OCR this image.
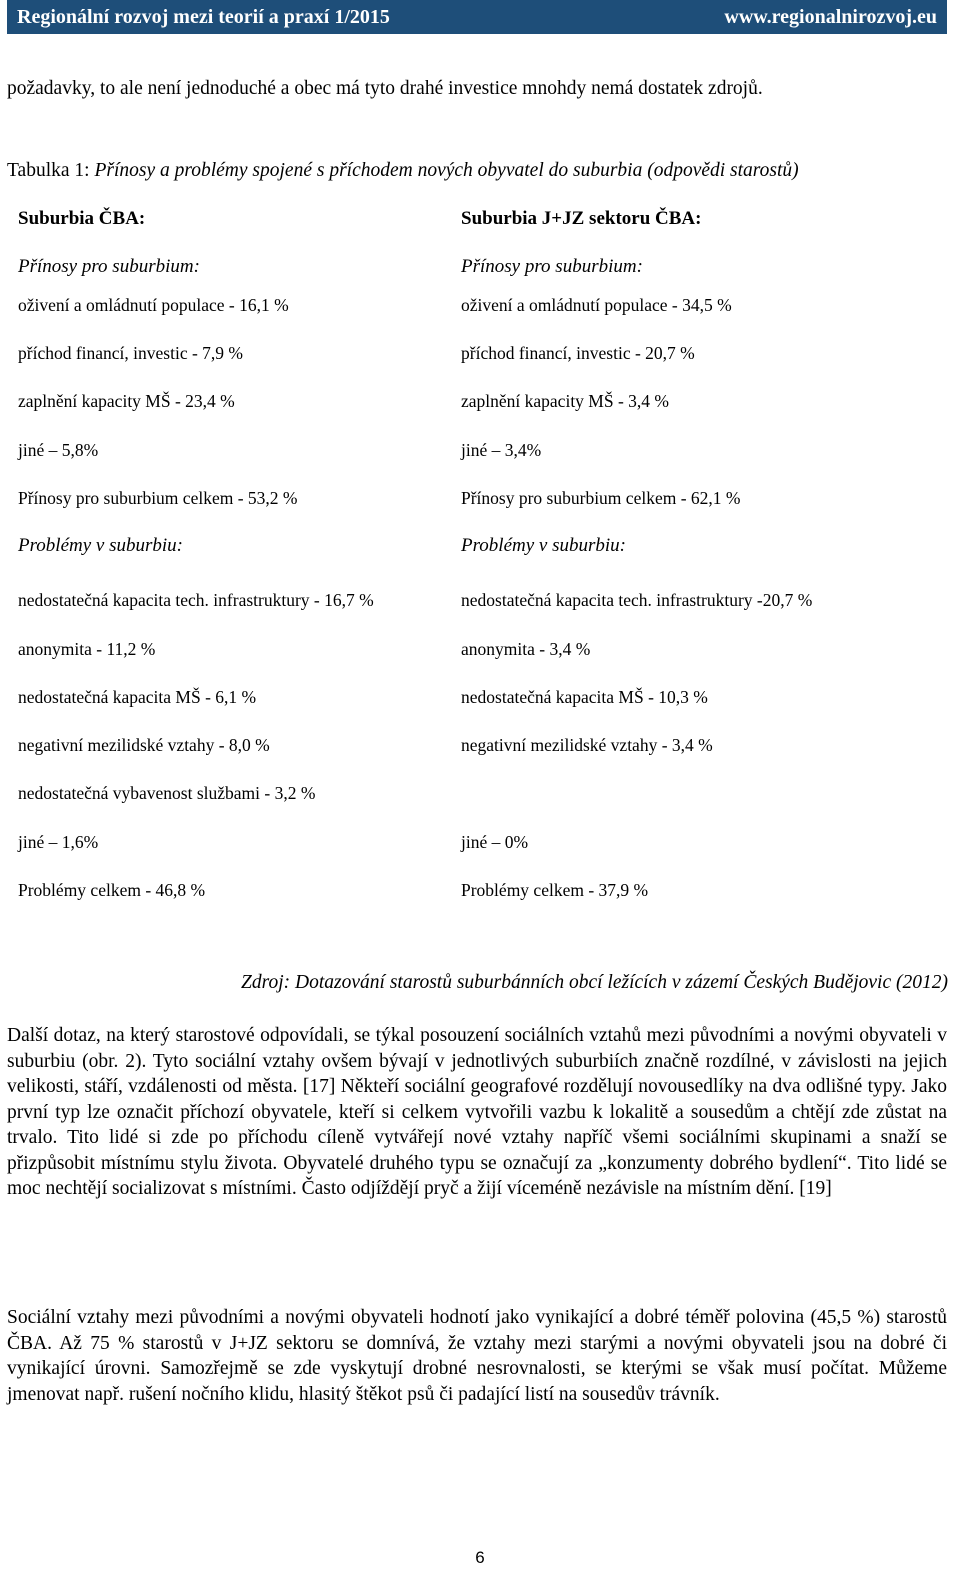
Regionální rozvoj mezi teorií a praxí 1/2015	www.regionalnirozvoj.eu

požadavky, to ale není jednoduché a obec má tyto drahé investice mnohdy nemá dostatek zdrojů.

Tabulka 1: Přínosy a problémy spojené s příchodem nových obyvatel do suburbia (odpovědi starostů)
Suburbia ČBA:	Suburbia J+JZ sektoru ČBA:
Přínosy pro suburbium:	Přínosy pro suburbium:
oživení a omládnutí populace - 16,1 %	oživení a omládnutí populace - 34,5 %
příchod financí, investic - 7,9 %	příchod financí, investic - 20,7 %
zaplnění kapacity MŠ - 23,4 %	zaplnění kapacity MŠ - 3,4 %
jiné – 5,8%	jiné – 3,4%
Přínosy pro suburbium celkem - 53,2 %	Přínosy pro suburbium celkem - 62,1 %
Problémy v suburbiu:	Problémy v suburbiu:
nedostatečná kapacita tech. infrastruktury - 16,7 %	nedostatečná kapacita tech. infrastruktury -20,7 %
anonymita - 11,2 %	anonymita - 3,4 %
nedostatečná kapacita MŠ - 6,1 %	nedostatečná kapacita MŠ - 10,3 %
negativní mezilidské vztahy - 8,0 %	negativní mezilidské vztahy - 3,4 %
nedostatečná vybavenost službami - 3,2 %
jiné – 1,6%	jiné – 0%
Problémy celkem - 46,8 %	Problémy celkem - 37,9 %
Zdroj: Dotazování starostů suburbánních obcí ležících v zázemí Českých Budějovic (2012)

Další dotaz, na který starostové odpovídali, se týkal posouzení sociálních vztahů mezi původními a novými obyvateli v suburbiu (obr. 2). Tyto sociální vztahy ovšem bývají v jednotlivých suburbiích značně rozdílné, v závislosti na jejich velikosti, stáří, vzdálenosti od města. [17] Někteří sociální geografové rozdělují novousedlíky na dva odlišné typy. Jako první typ lze označit příchozí obyvatele, kteří si celkem vytvořili vazbu k lokalitě a sousedům a chtějí zde zůstat na trvalo. Tito lidé si zde po příchodu cíleně vytvářejí nové vztahy napříč všemi sociálními skupinami a snaží se přizpůsobit místnímu stylu života. Obyvatelé druhého typu se označují za „konzumenty dobrého bydlení“. Tito lidé se moc nechtějí socializovat s místními. Často odjíždějí pryč a žijí víceméně nezávisle na místním dění. [19]

Sociální vztahy mezi původními a novými obyvateli hodnotí jako vynikající a dobré téměř polovina (45,5 %) starostů ČBA. Až 75 % starostů v J+JZ sektoru se domnívá, že vztahy mezi starými a novými obyvateli jsou na dobré či vynikající úrovni. Samozřejmě se zde vyskytují drobné nesrovnalosti, se kterými se však musí počítat. Můžeme jmenovat např. rušení nočního klidu, hlasitý štěkot psů či padající listí na sousedův trávník.

6
